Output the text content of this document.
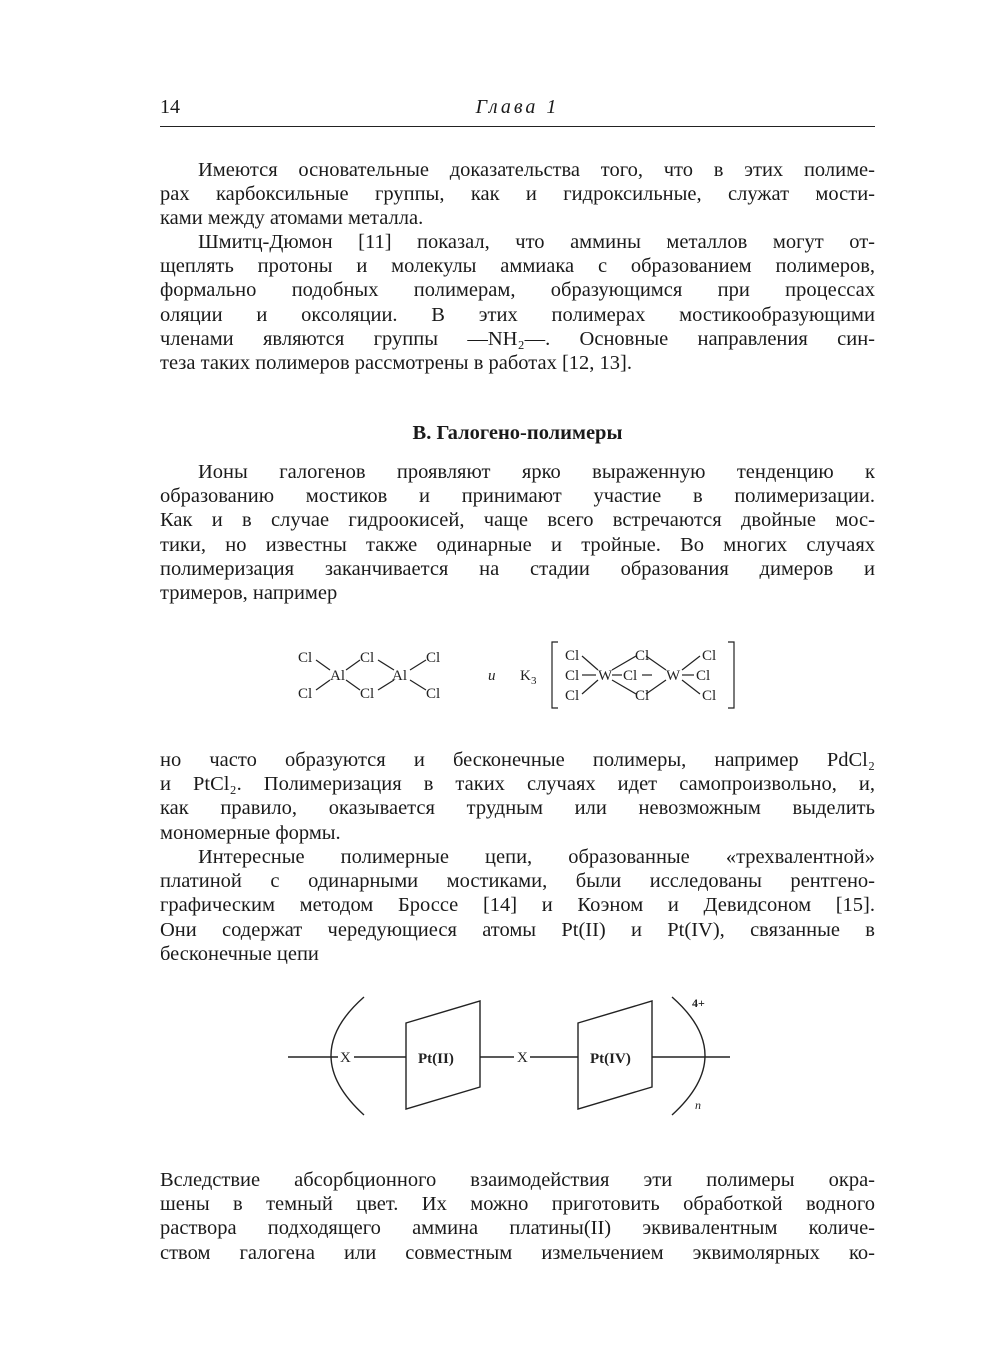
14	Глава 1
Имеются основательные доказательства того, что в этих полиме-
рах карбоксильные группы, как и гидроксильные, служат мости-
ками между атомами металла.
Шмитц-Дюмон [11] показал, что аммины металлов могут от-
щеплять протоны и молекулы аммиака с образованием полимеров,
формально подобных полимерам, образующимся при процессах
оляции и оксоляции. В этих полимерах мостикообразующими
членами являются группы —NH₂—. Основные направления син-
теза таких полимеров рассмотрены в работах [12, 13].
B. Галогено-полимеры
Ионы галогенов проявляют ярко выраженную тенденцию к
образованию мостиков и принимают участие в полимеризации.
Как и в случае гидроокисей, чаще всего встречаются двойные мос-
тики, но известны также одинарные и тройные. Во многих случаях
полимеризация заканчивается на стадии образования димеров и
тримеров, например
Cl
Cl
Al
Cl
Cl
Al
Cl
Cl
и K 3
Cl
Cl
Cl
W
Cl
Cl
Cl
W
Cl
Cl
Cl
но часто образуются и бесконечные полимеры, например PdCl₂
и PtCl₂. Полимеризация в таких случаях идет самопроизвольно, и,
как правило, оказывается трудным или невозможным выделить
мономерные формы.
Интересные полимерные цепи, образованные «трехвалентной»
платиной с одинарными мостиками, были исследованы рентгено-
графическим методом Броссе [14] и Коэном и Девидсоном [15].
Они содержат чередующиеся атомы Pt(II) и Pt(IV), связанные в
бесконечные цепи
X	X
Pt(II)	Pt(IV)
4+
n
Вследствие абсорбционного взаимодействия эти полимеры окра-
шены в темный цвет. Их можно приготовить обработкой водного
раствора подходящего аммина платины(II) эквивалентным количе-
ством галогена или совместным измельчением эквимолярных ко-
